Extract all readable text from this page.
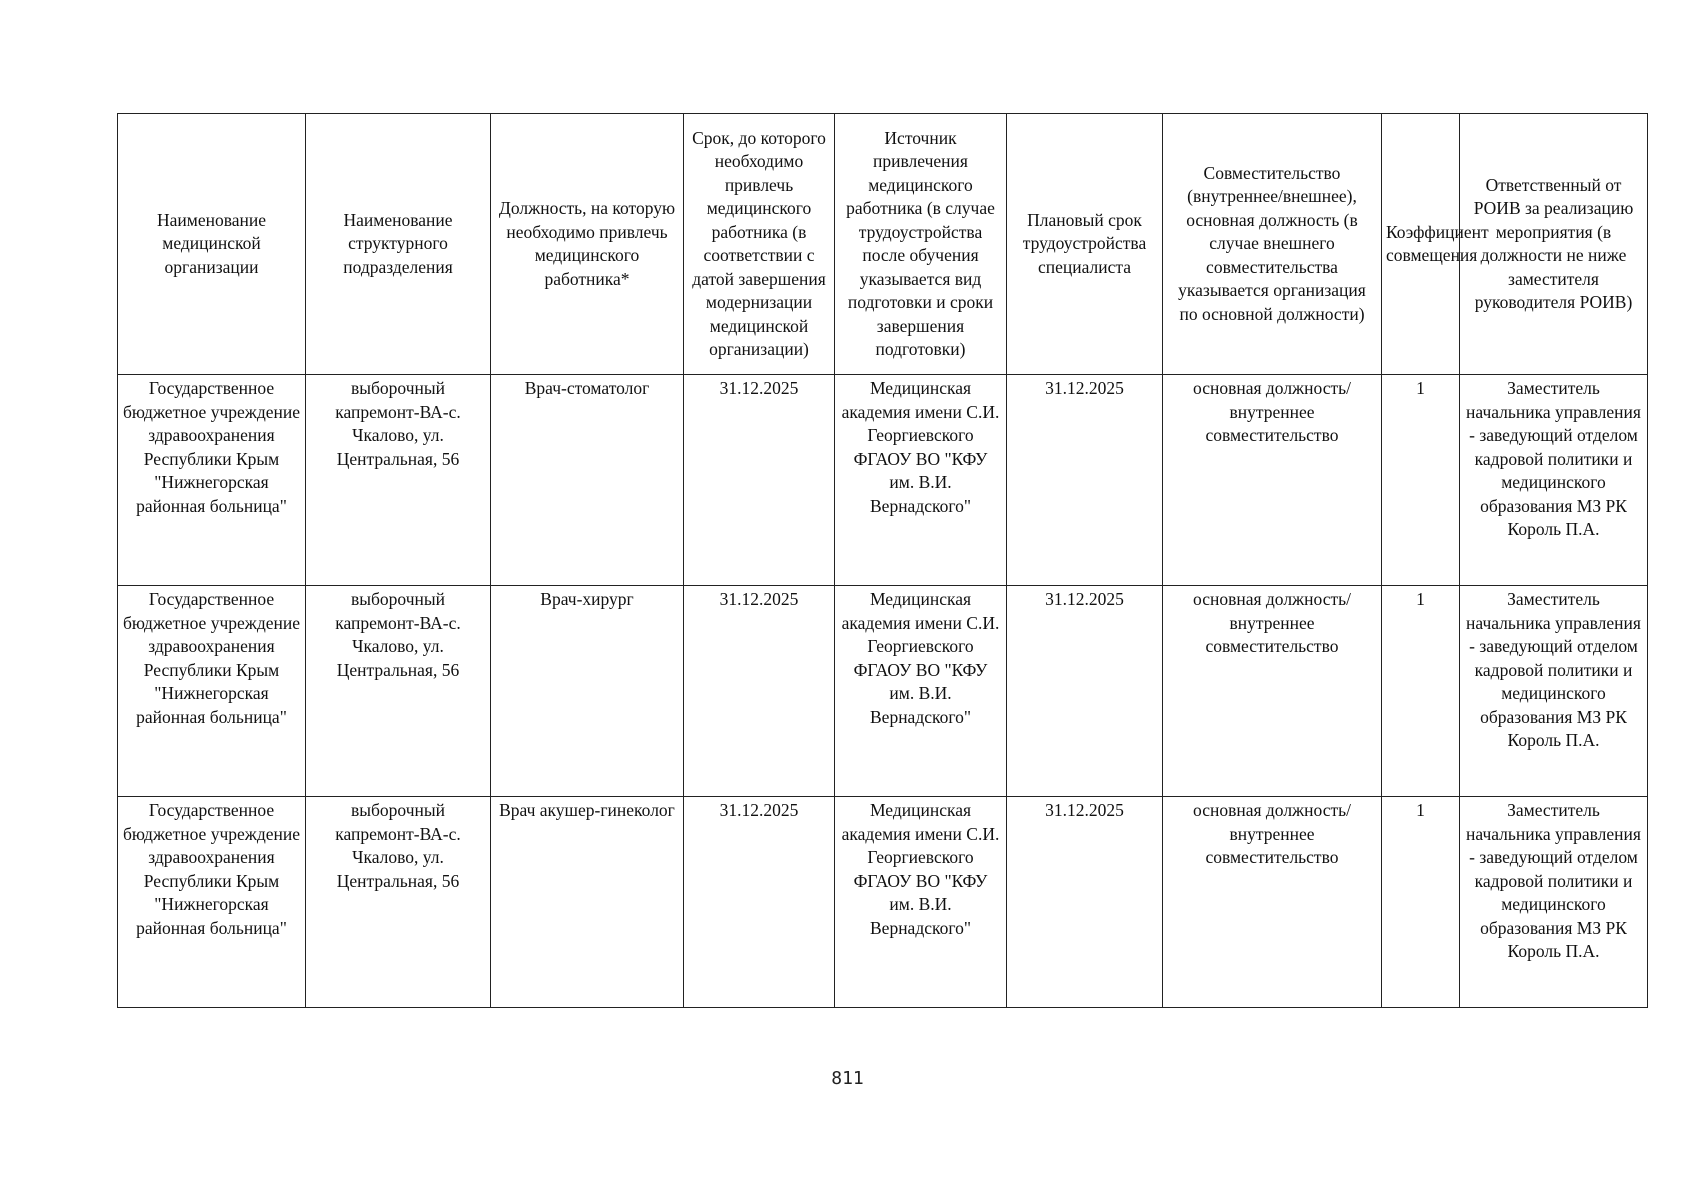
Наименование медицинской организации	Наименование структурного подразделения	Должность, на которую необходимо привлечь медицинского работника*	Срок, до которого необходимо привлечь медицинского работника (в соответствии с датой завершения модернизации медицинской организации)	Источник привлечения медицинского работника (в случае трудоустройства после обучения указывается вид подготовки и сроки завершения подготовки)	Плановый срок трудоустройства специалиста	Совместительство (внутреннее/внешнее), основная должность (в случае внешнего совместительства указывается организация по основной должности)	Коэффициент совмещения	Ответственный от РОИВ за реализацию мероприятия (в должности не ниже заместителя руководителя РОИВ)
Государственное бюджетное учреждение здравоохранения Республики Крым "Нижнегорская районная больница"	выборочный капремонт-ВА-с. Чкалово, ул. Центральная, 56	Врач-стоматолог	31.12.2025	Медицинская академия имени С.И. Георгиевского ФГАОУ ВО "КФУ им. В.И. Вернадского"	31.12.2025	основная должность/ внутреннее совместительство	1	Заместитель начальника управления - заведующий отделом кадровой политики и медицинского образования МЗ РК Король П.А.
Государственное бюджетное учреждение здравоохранения Республики Крым "Нижнегорская районная больница"	выборочный капремонт-ВА-с. Чкалово, ул. Центральная, 56	Врач-хирург	31.12.2025	Медицинская академия имени С.И. Георгиевского ФГАОУ ВО "КФУ им. В.И. Вернадского"	31.12.2025	основная должность/ внутреннее совместительство	1	Заместитель начальника управления - заведующий отделом кадровой политики и медицинского образования МЗ РК Король П.А.
Государственное бюджетное учреждение здравоохранения Республики Крым "Нижнегорская районная больница"	выборочный капремонт-ВА-с. Чкалово, ул. Центральная, 56	Врач акушер-гинеколог	31.12.2025	Медицинская академия имени С.И. Георгиевского ФГАОУ ВО "КФУ им. В.И. Вернадского"	31.12.2025	основная должность/ внутреннее совместительство	1	Заместитель начальника управления - заведующий отделом кадровой политики и медицинского образования МЗ РК Король П.А.
811
